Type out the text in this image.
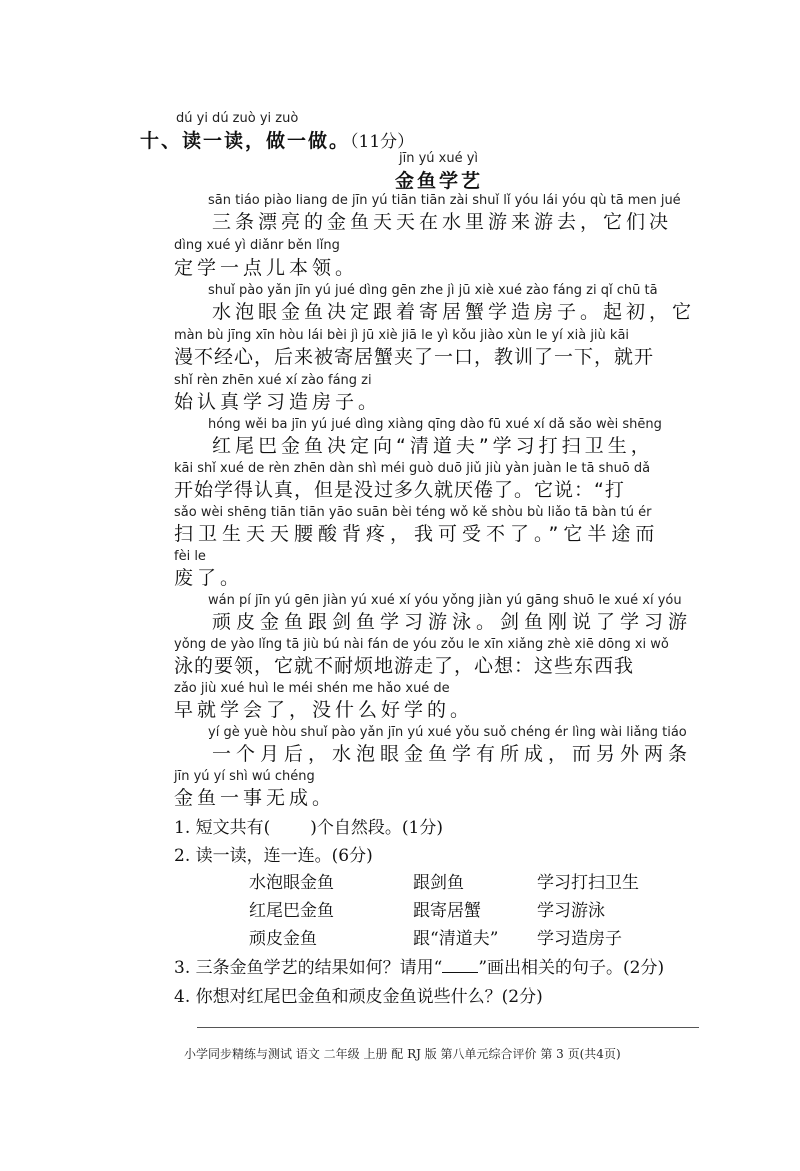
dú yi dú zuò yi zuò
十、读一读，做一做。（11分）
jīn yú xué yì
金鱼学艺
sān tiáo piào liang de jīn yú tiān tiān zài shuǐ lǐ yóu lái yóu qù tā men jué
三条漂亮的金鱼天天在水里游来游去，它们决
dìng xué yì diǎnr běn lǐng
定学一点儿本领。
shuǐ pào yǎn jīn yú jué dìng gēn zhe jì jū xiè xué zào fáng zi qǐ chū tā
水泡眼金鱼决定跟着寄居蟹学造房子。起初，它
màn bù jīng xīn hòu lái bèi jì jū xiè jiā le yì kǒu jiào xùn le yí xià jiù kāi
漫不经心，后来被寄居蟹夹了一口，教训了一下，就开
shǐ rèn zhēn xué xí zào fáng zi
始认真学习造房子。
hóng wěi ba jīn yú jué dìng xiàng qīng dào fū xué xí dǎ sǎo wèi shēng
红尾巴金鱼决定向“清道夫”学习打扫卫生，
kāi shǐ xué de rèn zhēn dàn shì méi guò duō jiǔ jiù yàn juàn le tā shuō dǎ
开始学得认真，但是没过多久就厌倦了。它说：“打
sǎo wèi shēng tiān tiān yāo suān bèi téng wǒ kě shòu bù liǎo tā bàn tú ér
扫卫生天天腰酸背疼，我可受不了。”它半途而
fèi le
废了。
wán pí jīn yú gēn jiàn yú xué xí yóu yǒng jiàn yú gāng shuō le xué xí yóu
顽皮金鱼跟剑鱼学习游泳。剑鱼刚说了学习游
yǒng de yào lǐng tā jiù bú nài fán de yóu zǒu le xīn xiǎng zhè xiē dōng xi wǒ
泳的要领，它就不耐烦地游走了，心想：这些东西我
zǎo jiù xué huì le méi shén me hǎo xué de
早就学会了，没什么好学的。
yí gè yuè hòu shuǐ pào yǎn jīn yú xué yǒu suǒ chéng ér lìng wài liǎng tiáo
一个月后，水泡眼金鱼学有所成，而另外两条
jīn yú yí shì wú chéng
金鱼一事无成。
1. 短文共有( )个自然段。(1分)
2. 读一读，连一连。(6分)
水泡眼金鱼	跟剑鱼	学习打扫卫生
红尾巴金鱼	跟寄居蟹	学习游泳
顽皮金鱼	跟“清道夫” 学习造房子
3. 三条金鱼学艺的结果如何？请用“ ”画出相关的句子。(2分)
4. 你想对红尾巴金鱼和顽皮金鱼说些什么？(2分)
小学同步精练与测试 语文 二年级 上册 配 RJ 版 第八单元综合评价 第 3 页(共4页)
